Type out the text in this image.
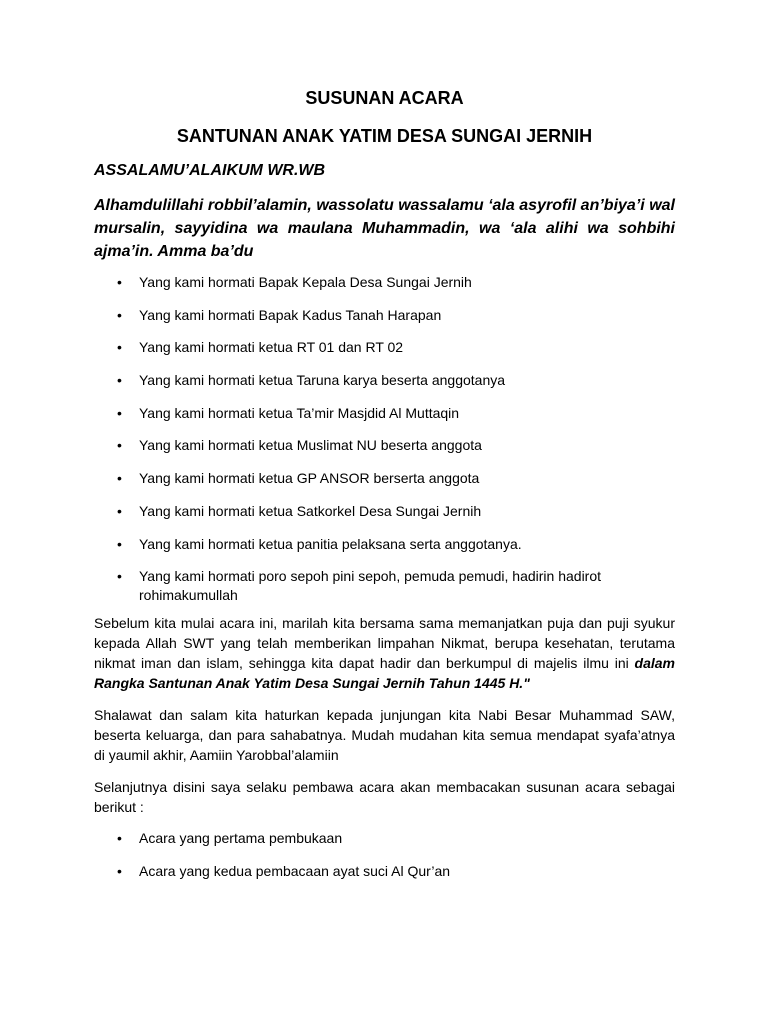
SUSUNAN ACARA
SANTUNAN ANAK YATIM DESA SUNGAI JERNIH

ASSALAMU’ALAIKUM WR.WB

Alhamdulillahi robbil’alamin, wassolatu wassalamu ‘ala asyrofil an’biya’i wal mursalin, sayyidina wa maulana Muhammadin, wa ‘ala alihi wa sohbihi ajma’in. Amma ba’du

• Yang kami hormati Bapak Kepala Desa Sungai Jernih
• Yang kami hormati Bapak Kadus Tanah Harapan
• Yang kami hormati ketua RT 01 dan RT 02
• Yang kami hormati ketua Taruna karya beserta anggotanya
• Yang kami hormati ketua Ta’mir Masjdid Al Muttaqin
• Yang kami hormati ketua Muslimat NU beserta anggota
• Yang kami hormati ketua GP ANSOR berserta anggota
• Yang kami hormati ketua Satkorkel Desa Sungai Jernih
• Yang kami hormati ketua panitia pelaksana serta anggotanya.
• Yang kami hormati poro sepoh pini sepoh, pemuda pemudi, hadirin hadirot rohimakumullah

Sebelum kita mulai acara ini, marilah kita bersama sama memanjatkan puja dan puji syukur kepada Allah SWT yang telah memberikan limpahan Nikmat, berupa kesehatan, terutama nikmat iman dan islam, sehingga kita dapat hadir dan berkumpul di majelis ilmu ini dalam Rangka Santunan Anak Yatim Desa Sungai Jernih Tahun 1445 H."

Shalawat dan salam kita haturkan kepada junjungan kita Nabi Besar Muhammad SAW, beserta keluarga, dan para sahabatnya. Mudah mudahan kita semua mendapat syafa’atnya di yaumil akhir, Aamiin Yarobbal’alamiin

Selanjutnya disini saya selaku pembawa acara akan membacakan susunan acara sebagai berikut :

• Acara yang pertama pembukaan
• Acara yang kedua pembacaan ayat suci Al Qur’an
